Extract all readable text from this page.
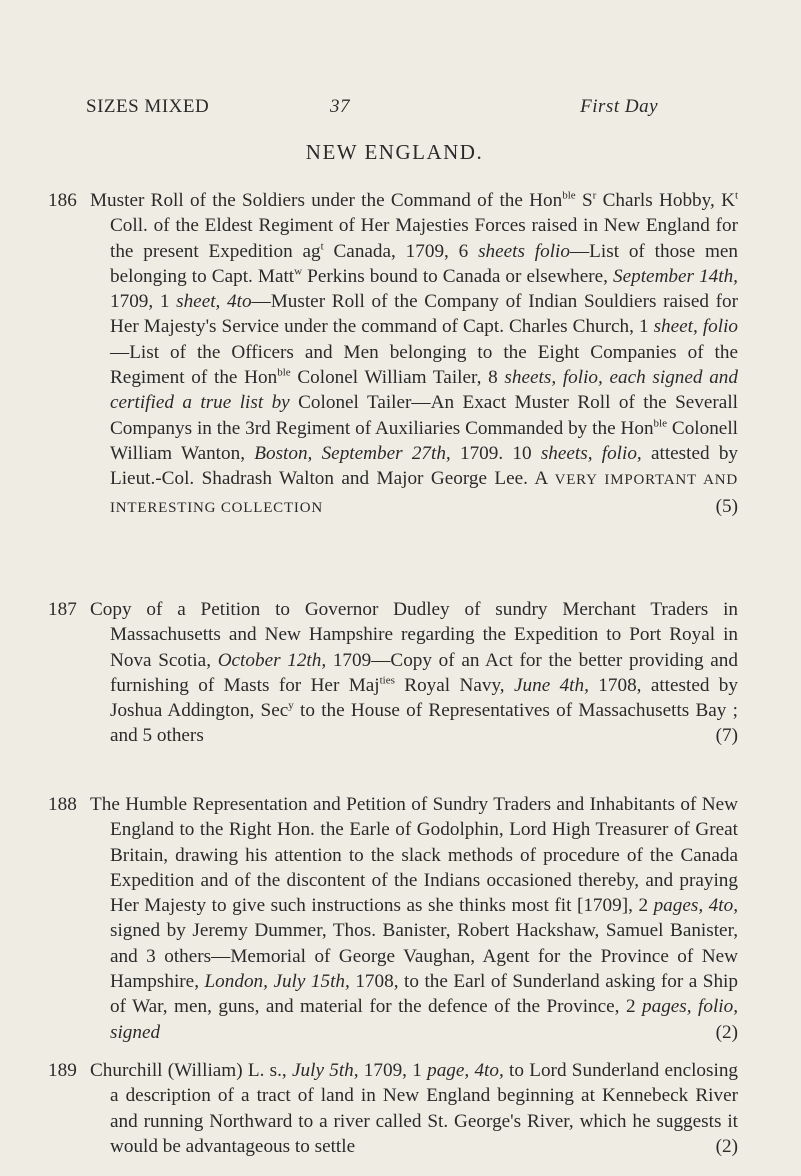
SIZES MIXED	37	First Day
NEW ENGLAND.
186 Muster Roll of the Soldiers under the Command of the Hon$^{ble}$ $S^r$ Charls Hobby, $K^t$ Coll. of the Eldest Regiment of Her Majesties Forces raised in New England for the present Expedition $ag^t$ Canada, 1709, 6 sheets folio—List of those men belonging to Capt. Matt$^w$ Perkins bound to Canada or elsewhere, September 14th, 1709, 1 sheet, 4to—Muster Roll of the Company of Indian Souldiers raised for Her Majesty's Service under the command of Capt. Charles Church, 1 sheet, folio—List of the Officers and Men belonging to the Eight Companies of the Regiment of the Hon$^{ble}$ Colonel William Tailer, 8 sheets, folio, each signed and certified a true list by Colonel Tailer—An Exact Muster Roll of the Severall Companys in the 3rd Regiment of Auxiliaries Commanded by the Hon$^{ble}$ Colonell William Wanton, Boston, September 27th, 1709. 10 sheets, folio, attested by Lieut.-Col. Shadrash Walton and Major George Lee. A VERY IMPORTANT AND INTERESTING COLLECTION	(5)
187 Copy of a Petition to Governor Dudley of sundry Merchant Traders in Massachusetts and New Hampshire regarding the Expedition to Port Royal in Nova Scotia, October 12th, 1709—Copy of an Act for the better providing and furnishing of Masts for Her Maj$^{ties}$ Royal Navy, June 4th, 1708, attested by Joshua Addington, Sec$^y$ to the House of Representatives of Massachusetts Bay ; and 5 others	(7)
188 The Humble Representation and Petition of Sundry Traders and Inhabitants of New England to the Right Hon. the Earle of Godolphin, Lord High Treasurer of Great Britain, drawing his attention to the slack methods of procedure of the Canada Expedition and of the discontent of the Indians occasioned thereby, and praying Her Majesty to give such instructions as she thinks most fit [1709], 2 pages, 4to, signed by Jeremy Dummer, Thos. Banister, Robert Hackshaw, Samuel Banister, and 3 others—Memorial of George Vaughan, Agent for the Province of New Hampshire, London, July 15th, 1708, to the Earl of Sunderland asking for a Ship of War, men, guns, and material for the defence of the Province, 2 pages, folio, signed	(2)
189 Churchill (William) L. s., July 5th, 1709, 1 page, 4to, to Lord Sunderland enclosing a description of a tract of land in New England beginning at Kennebeck River and running Northward to a river called St. George's River, which he suggests it would be advantageous to settle	(2)
